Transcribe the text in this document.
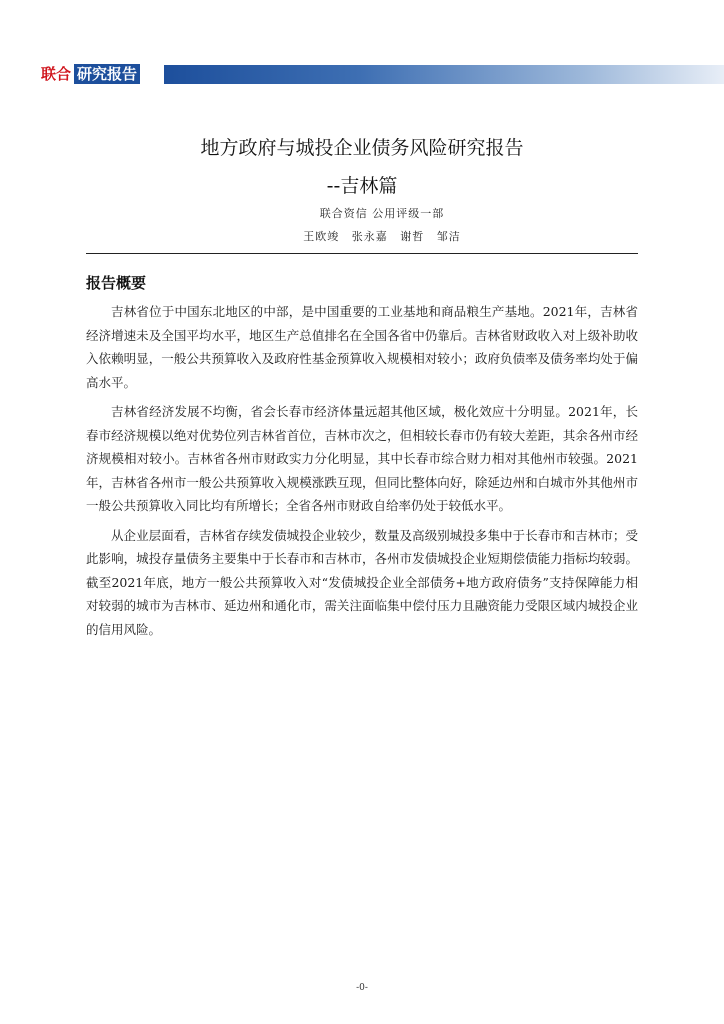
联合 研究报告
地方政府与城投企业债务风险研究报告
--吉林篇
联合资信 公用评级一部
王欧竣 张永嘉 谢哲 邹洁
报告概要

吉林省位于中国东北地区的中部，是中国重要的工业基地和商品粮生产基地。2021年，吉林省经济增速未及全国平均水平，地区生产总值排名在全国各省中仍靠后。吉林省财政收入对上级补助收入依赖明显，一般公共预算收入及政府性基金预算收入规模相对较小；政府负债率及债务率均处于偏高水平。

吉林省经济发展不均衡，省会长春市经济体量远超其他区域，极化效应十分明显。2021年，长春市经济规模以绝对优势位列吉林省首位，吉林市次之，但相较长春市仍有较大差距，其余各州市经济规模相对较小。吉林省各州市财政实力分化明显，其中长春市综合财力相对其他州市较强。2021年，吉林省各州市一般公共预算收入规模涨跌互现，但同比整体向好，除延边州和白城市外其他州市一般公共预算收入同比均有所增长；全省各州市财政自给率仍处于较低水平。

从企业层面看，吉林省存续发债城投企业较少，数量及高级别城投多集中于长春市和吉林市；受此影响，城投存量债务主要集中于长春市和吉林市，各州市发债城投企业短期偿债能力指标均较弱。截至2021年底，地方一般公共预算收入对“发债城投企业全部债务+地方政府债务”支持保障能力相对较弱的城市为吉林市、延边州和通化市，需关注面临集中偿付压力且融资能力受限区域内城投企业的信用风险。

-0-
